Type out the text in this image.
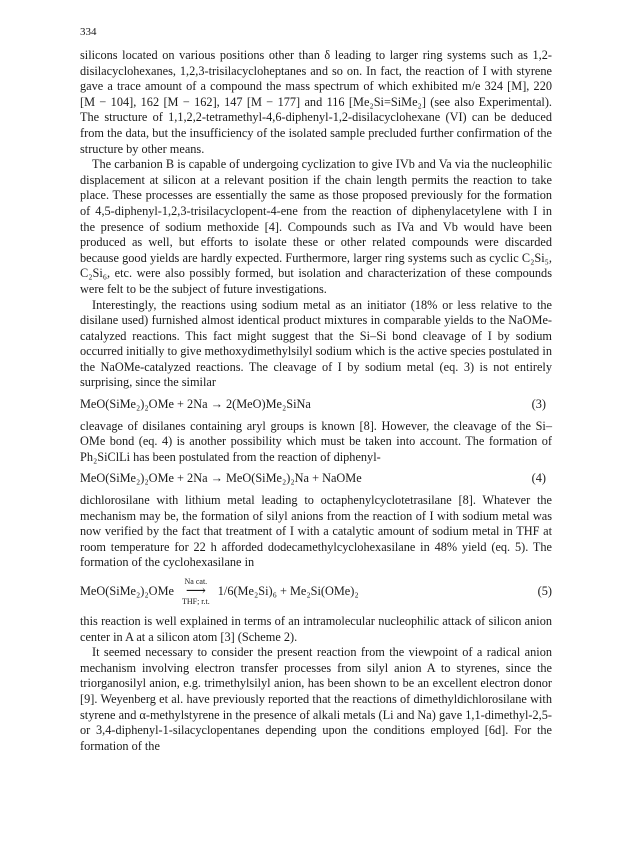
334

silicons located on various positions other than δ leading to larger ring systems such as 1,2-disilacyclohexanes, 1,2,3-trisilacycloheptanes and so on. In fact, the reaction of I with styrene gave a trace amount of a compound the mass spectrum of which exhibited m/e 324 [M], 220 [M − 104], 162 [M − 162], 147 [M − 177] and 116 [Me₂Si=SiMe₂] (see also Experimental). The structure of 1,1,2,2-tetramethyl-4,6-diphenyl-1,2-disilacyclohexane (VI) can be deduced from the data, but the insufficiency of the isolated sample precluded further confirmation of the structure by other means.

The carbanion B is capable of undergoing cyclization to give IVb and Va via the nucleophilic displacement at silicon at a relevant position if the chain length permits the reaction to take place. These processes are essentially the same as those proposed previously for the formation of 4,5-diphenyl-1,2,3-trisilacyclopent-4-ene from the reaction of diphenylacetylene with I in the presence of sodium methoxide [4]. Compounds such as IVa and Vb would have been produced as well, but efforts to isolate these or other related compounds were discarded because good yields are hardly expected. Furthermore, larger ring systems such as cyclic C₂Si₅, C₂Si₆, etc. were also possibly formed, but isolation and characterization of these compounds were felt to be the subject of future investigations.

Interestingly, the reactions using sodium metal as an initiator (18% or less relative to the disilane used) furnished almost identical product mixtures in comparable yields to the NaOMe-catalyzed reactions. This fact might suggest that the Si–Si bond cleavage of I by sodium occurred initially to give methoxydimethylsilyl sodium which is the active species postulated in the NaOMe-catalyzed reactions. The cleavage of I by sodium metal (eq. 3) is not entirely surprising, since the similar

MeO(SiMe₂)₂OMe + 2Na → 2(MeO)Me₂SiNa	(3)

cleavage of disilanes containing aryl groups is known [8]. However, the cleavage of the Si–OMe bond (eq. 4) is another possibility which must be taken into account. The formation of Ph₂SiClLi has been postulated from the reaction of diphenyl-

MeO(SiMe₂)₂OMe + 2Na → MeO(SiMe₂)₂Na + NaOMe	(4)

dichlorosilane with lithium metal leading to octaphenylcyclotetrasilane [8]. Whatever the mechanism may be, the formation of silyl anions from the reaction of I with sodium metal was now verified by the fact that treatment of I with a catalytic amount of sodium metal in THF at room temperature for 22 h afforded dodecamethylcyclohexasilane in 48% yield (eq. 5). The formation of the cyclohexasilane in

MeO(SiMe₂)₂OMe
Na cat.
⟶
THF; r.t.
1/6(Me₂Si)₆ + Me₂Si(OMe)₂	(5)

this reaction is well explained in terms of an intramolecular nucleophilic attack of silicon anion center in A at a silicon atom [3] (Scheme 2).

It seemed necessary to consider the present reaction from the viewpoint of a radical anion mechanism involving electron transfer processes from silyl anion A to styrenes, since the triorganosilyl anion, e.g. trimethylsilyl anion, has been shown to be an excellent electron donor [9]. Weyenberg et al. have previously reported that the reactions of dimethyldichlorosilane with styrene and α-methylstyrene in the presence of alkali metals (Li and Na) gave 1,1-dimethyl-2,5- or 3,4-diphenyl-1-silacyclopentanes depending upon the conditions employed [6d]. For the formation of the
